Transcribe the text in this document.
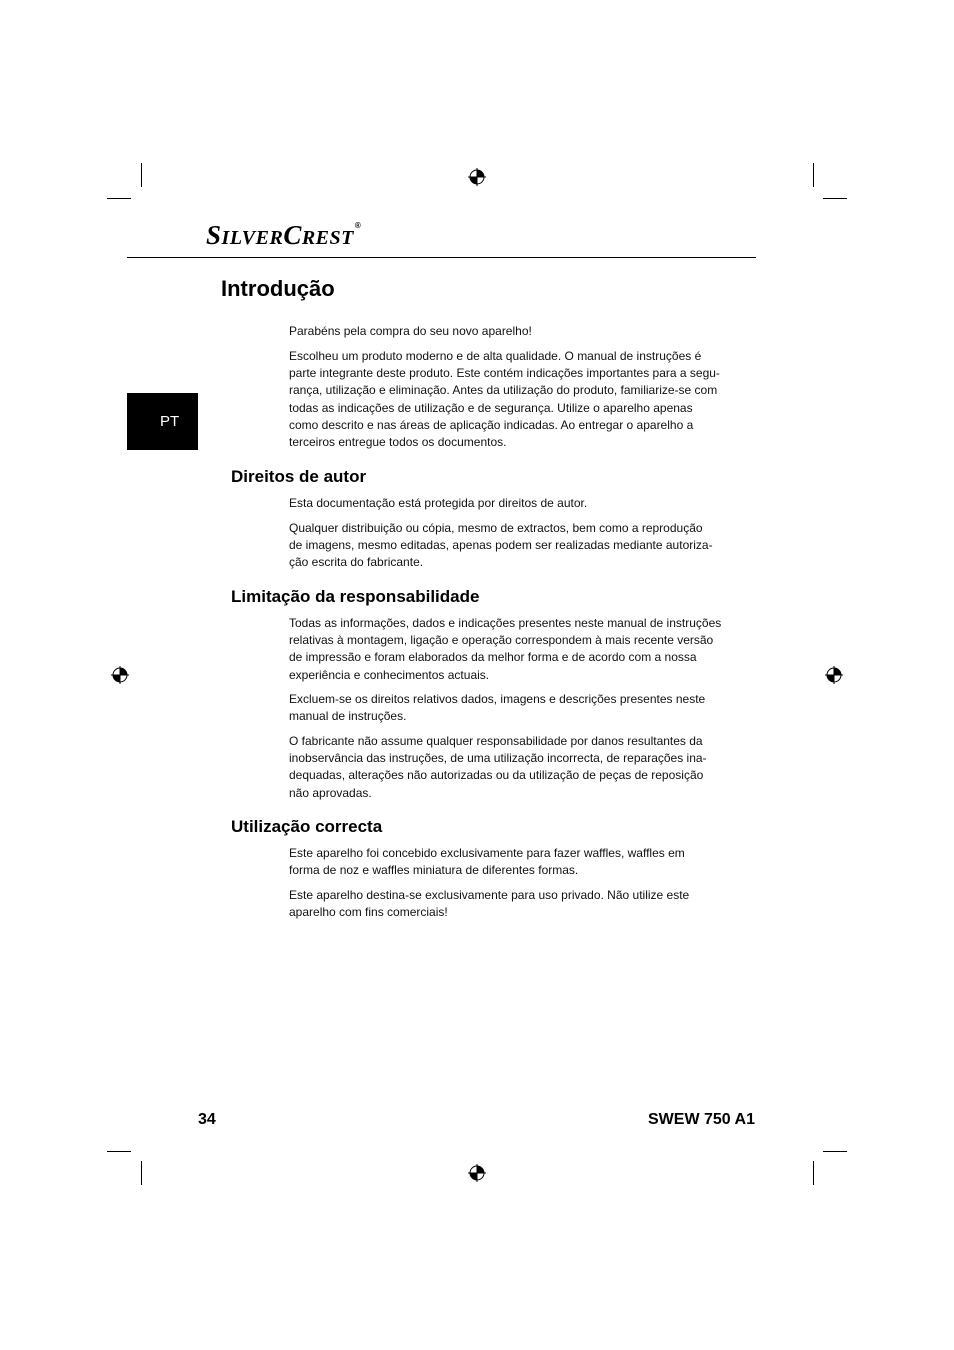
SILVERCREST®
PT
Introdução

Parabéns pela compra do seu novo aparelho!

Escolheu um produto moderno e de alta qualidade. O manual de instruções é
parte integrante deste produto. Este contém indicações importantes para a segu-
rança, utilização e eliminação. Antes da utilização do produto, familiarize-se com
todas as indicações de utilização e de segurança. Utilize o aparelho apenas
como descrito e nas áreas de aplicação indicadas. Ao entregar o aparelho a
terceiros entregue todos os documentos.

Direitos de autor

Esta documentação está protegida por direitos de autor.

Qualquer distribuição ou cópia, mesmo de extractos, bem como a reprodução
de imagens, mesmo editadas, apenas podem ser realizadas mediante autoriza-
ção escrita do fabricante.

Limitação da responsabilidade

Todas as informações, dados e indicações presentes neste manual de instruções
relativas à montagem, ligação e operação correspondem à mais recente versão
de impressão e foram elaborados da melhor forma e de acordo com a nossa
experiência e conhecimentos actuais.

Excluem-se os direitos relativos dados, imagens e descrições presentes neste
manual de instruções.

O fabricante não assume qualquer responsabilidade por danos resultantes da
inobservância das instruções, de uma utilização incorrecta, de reparações ina-
dequadas, alterações não autorizadas ou da utilização de peças de reposição
não aprovadas.

Utilização correcta

Este aparelho foi concebido exclusivamente para fazer waffles, waffles em
forma de noz e waffles miniatura de diferentes formas.

Este aparelho destina-se exclusivamente para uso privado. Não utilize este
aparelho com fins comerciais!

34	SWEW 750 A1
